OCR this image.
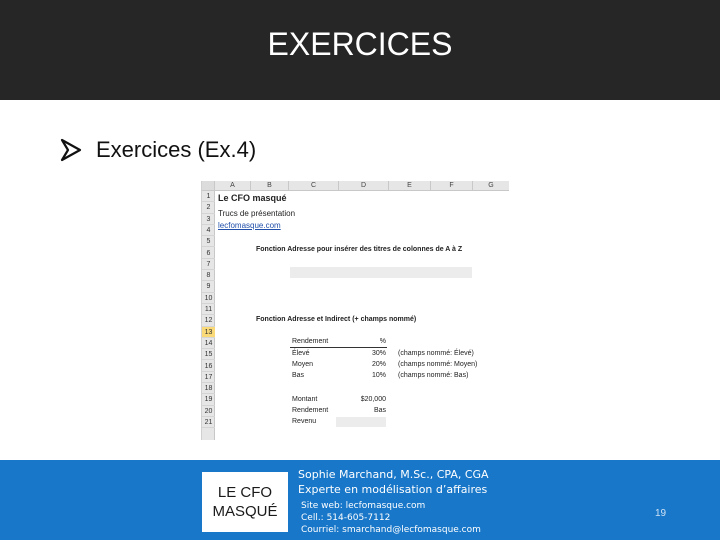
EXERCICES
Exercices (Ex.4)
A	B	C	D	E	F	G
1
2
3
4
5
6
7
8
9
10
11
12
13
14
15
16
17
18
19
20
21
Le CFO masqué
Trucs de présentation
lecfomasque.com
Fonction Adresse pour insérer des titres de colonnes de A à Z
Fonction Adresse et Indirect (+ champs nommé)
Rendement	%
Élevé	30% (champs nommé: Élevé)
Moyen	20% (champs nommé: Moyen)
Bas	10% (champs nommé: Bas)
Montant	$20,000
Rendement	Bas
Revenu
LE CFO
MASQUÉ
Sophie Marchand, M.Sc., CPA, CGA
Experte en modélisation d’affaires
Site web: lecfomasque.com
Cell.: 514-605-7112
Courriel: smarchand@lecfomasque.com
19
